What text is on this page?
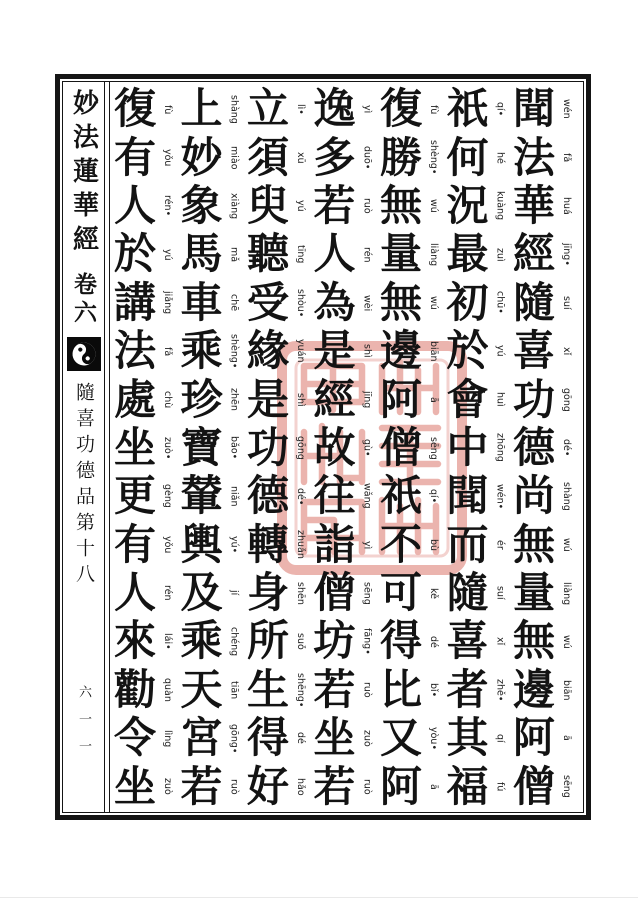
妙法蓮華經
卷六
隨喜功德品第十八
六一一
聞 wén
法 fǎ
華 huá
經 jīng•
隨 suí
喜 xǐ
功 gōng
德 dé•
尚 shàng
無 wú
量 liàng
無 wú
邊 biān
阿 ā
僧 sēng
祇 qí•
何 hé
況 kuàng
最 zuì
初 chū•
於 yú
會 huì
中 zhōng
聞 wén•
而 ér
隨 suí
喜 xǐ
者 zhě•
其 qí
福 fú
復 fù
勝 shèng•
無 wú
量 liàng
無 wú
邊 biān
阿 ā
僧 sēng
祇 qí•
不 bù
可 kě
得 dé
比 bǐ•
又 yòu•
阿 ā
逸 yì
多 duō•
若 ruò
人 rén
為 wèi
是 shì
經 jīng
故 gù•
往 wǎng
詣 yì
僧 sēng
坊 fāng•
若 ruò
坐 zuò
若 ruò
立 lì•
須 xū
臾 yú
聽 tīng
受 shòu•
緣 yuán
是 shì
功 gōng
德 dé•
轉 zhuǎn
身 shēn
所 suǒ
生 shēng•
得 dé
好 hǎo
上 shàng
妙 miào
象 xiàng
馬 mǎ
車 chē
乘 shèng•
珍 zhēn
寶 bǎo•
輦 niǎn
輿 yú•
及 jí
乘 chéng
天 tiān
宮 gōng•
若 ruò
復 fù
有 yǒu
人 rén•
於 yú
講 jiǎng
法 fǎ
處 chù
坐 zuò•
更 gèng
有 yǒu
人 rén
來 lái•
勸 quàn
令 lìng
坐 zuò
